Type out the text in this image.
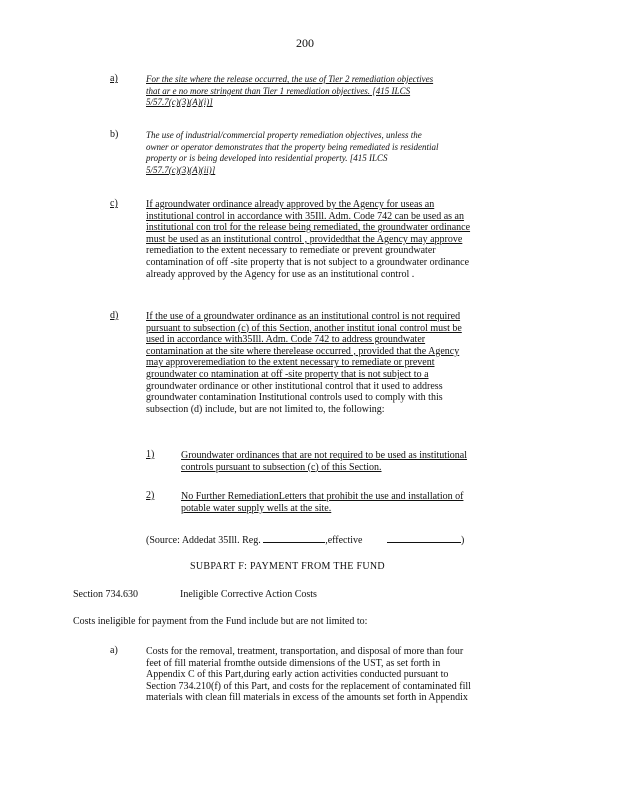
200
a)	For the site where the release occurred, the use of Tier 2 remediation objectives
that ar e no more stringent than Tier 1 remediation objectives. [415 ILCS
5/57.7(c)(3)(A)(i)]
b)	The use of industrial/commercial property remediation objectives, unless the
owner or operator demonstrates that the property being remediated is residential
property or is being developed into residential property. [415 ILCS
5/57.7(c)(3)(A)(ii)]
c)	If agroundwater ordinance already approved by the Agency for useas an
institutional control in accordance with 35Ill. Adm. Code 742 can be used as an
institutional con trol for the release being remediated, the groundwater ordinance
must be used as an institutional control , providedthat the Agency may approve
remediation to the extent necessary to remediate or prevent groundwater
contamination of off -site property that is not subject to a groundwater ordinance
already approved by the Agency for use as an institutional control .
d)	If the use of a groundwater ordinance as an institutional control is not required
pursuant to subsection (c) of this Section, another institut ional control must be
used in accordance with35Ill. Adm. Code 742 to address groundwater
contamination at the site where therelease occurred , provided that the Agency
may approveremediation to the extent necessary to remediate or prevent
groundwater co ntamination at off -site property that is not subject to a
groundwater ordinance or other institutional control that it used to address
groundwater contamination Institutional controls used to comply with this
subsection (d) include, but are not limited to, the following:
1)	Groundwater ordinances that are not required to be used as institutional
controls pursuant to subsection (c) of this Section.
2)	No Further RemediationLetters that prohibit the use and installation of
potable water supply wells at the site.
(Source: Addedat 35Ill. Reg.	,effective	)
SUBPART F: PAYMENT FROM THE FUND
Section 734.630	Ineligible Corrective Action Costs
Costs ineligible for payment from the Fund include but are not limited to:
a)	Costs for the removal, treatment, transportation, and disposal of more than four
feet of fill material fromthe outside dimensions of the UST, as set forth in
Appendix C of this Part,during early action activities conducted pursuant to
Section 734.210(f) of this Part, and costs for the replacement of contaminated fill
materials with clean fill materials in excess of the amounts set forth in Appendix
